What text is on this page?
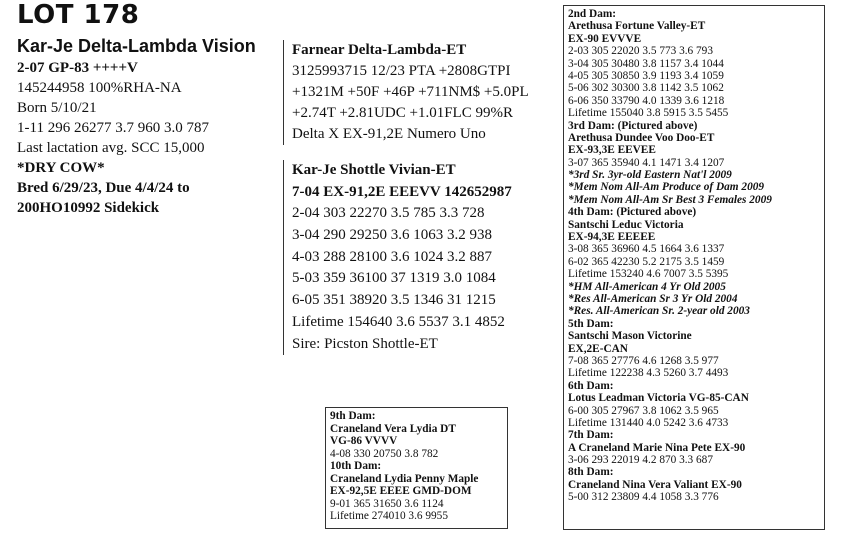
LOT 178
Kar-Je Delta-Lambda Vision
2-07 GP-83 ++++V
145244958 100%RHA-NA
Born 5/10/21
1-11 296 26277 3.7 960 3.0 787
Last lactation avg. SCC 15,000
*DRY COW*
Bred 6/29/23, Due 4/4/24 to
200HO10992 Sidekick
Farnear Delta-Lambda-ET
3125993715 12/23 PTA +2808GTPI
+1321M +50F +46P +711NM$ +5.0PL
+2.74T +2.81UDC +1.01FLC 99%R
Delta X EX-91,2E Numero Uno
Kar-Je Shottle Vivian-ET
7-04 EX-91,2E EEEVV 142652987
2-04 303 22270 3.5 785 3.3 728
3-04 290 29250 3.6 1063 3.2 938
4-03 288 28100 3.6 1024 3.2 887
5-03 359 36100 37 1319 3.0 1084
6-05 351 38920 3.5 1346 31 1215
Lifetime 154640 3.6 5537 3.1 4852
Sire: Picston Shottle-ET
9th Dam:
Craneland Vera Lydia DT
VG-86 VVVV
4-08 330 20750 3.8 782
10th Dam:
Craneland Lydia Penny Maple
EX-92,5E EEEE GMD-DOM
9-01 365 31650 3.6 1124
Lifetime 274010 3.6 9955
2nd Dam:
Arethusa Fortune Valley-ET
EX-90 EVVVE
2-03 305 22020 3.5 773 3.6 793
3-04 305 30480 3.8 1157 3.4 1044
4-05 305 30850 3.9 1193 3.4 1059
5-06 302 30300 3.8 1142 3.5 1062
6-06 350 33790 4.0 1339 3.6 1218
Lifetime 155040 3.8 5915 3.5 5455
3rd Dam: (Pictured above)
Arethusa Dundee Voo Doo-ET
EX-93,3E EEVEE
3-07 365 35940 4.1 1471 3.4 1207
*3rd Sr. 3yr-old Eastern Nat'l 2009
*Mem Nom All-Am Produce of Dam 2009
*Mem Nom All-Am Sr Best 3 Females 2009
4th Dam: (Pictured above)
Santschi Leduc Victoria
EX-94,3E EEEEE
3-08 365 36960 4.5 1664 3.6 1337
6-02 365 42230 5.2 2175 3.5 1459
Lifetime 153240 4.6 7007 3.5 5395
*HM All-American 4 Yr Old 2005
*Res All-American Sr 3 Yr Old 2004
*Res. All-American Sr. 2-year old 2003
5th Dam:
Santschi Mason Victorine
EX,2E-CAN
7-08 365 27776 4.6 1268 3.5 977
Lifetime 122238 4.3 5260 3.7 4493
6th Dam:
Lotus Leadman Victoria VG-85-CAN
6-00 305 27967 3.8 1062 3.5 965
Lifetime 131440 4.0 5242 3.6 4733
7th Dam:
A Craneland Marie Nina Pete EX-90
3-06 293 22019 4.2 870 3.3 687
8th Dam:
Craneland Nina Vera Valiant EX-90
5-00 312 23809 4.4 1058 3.3 776
